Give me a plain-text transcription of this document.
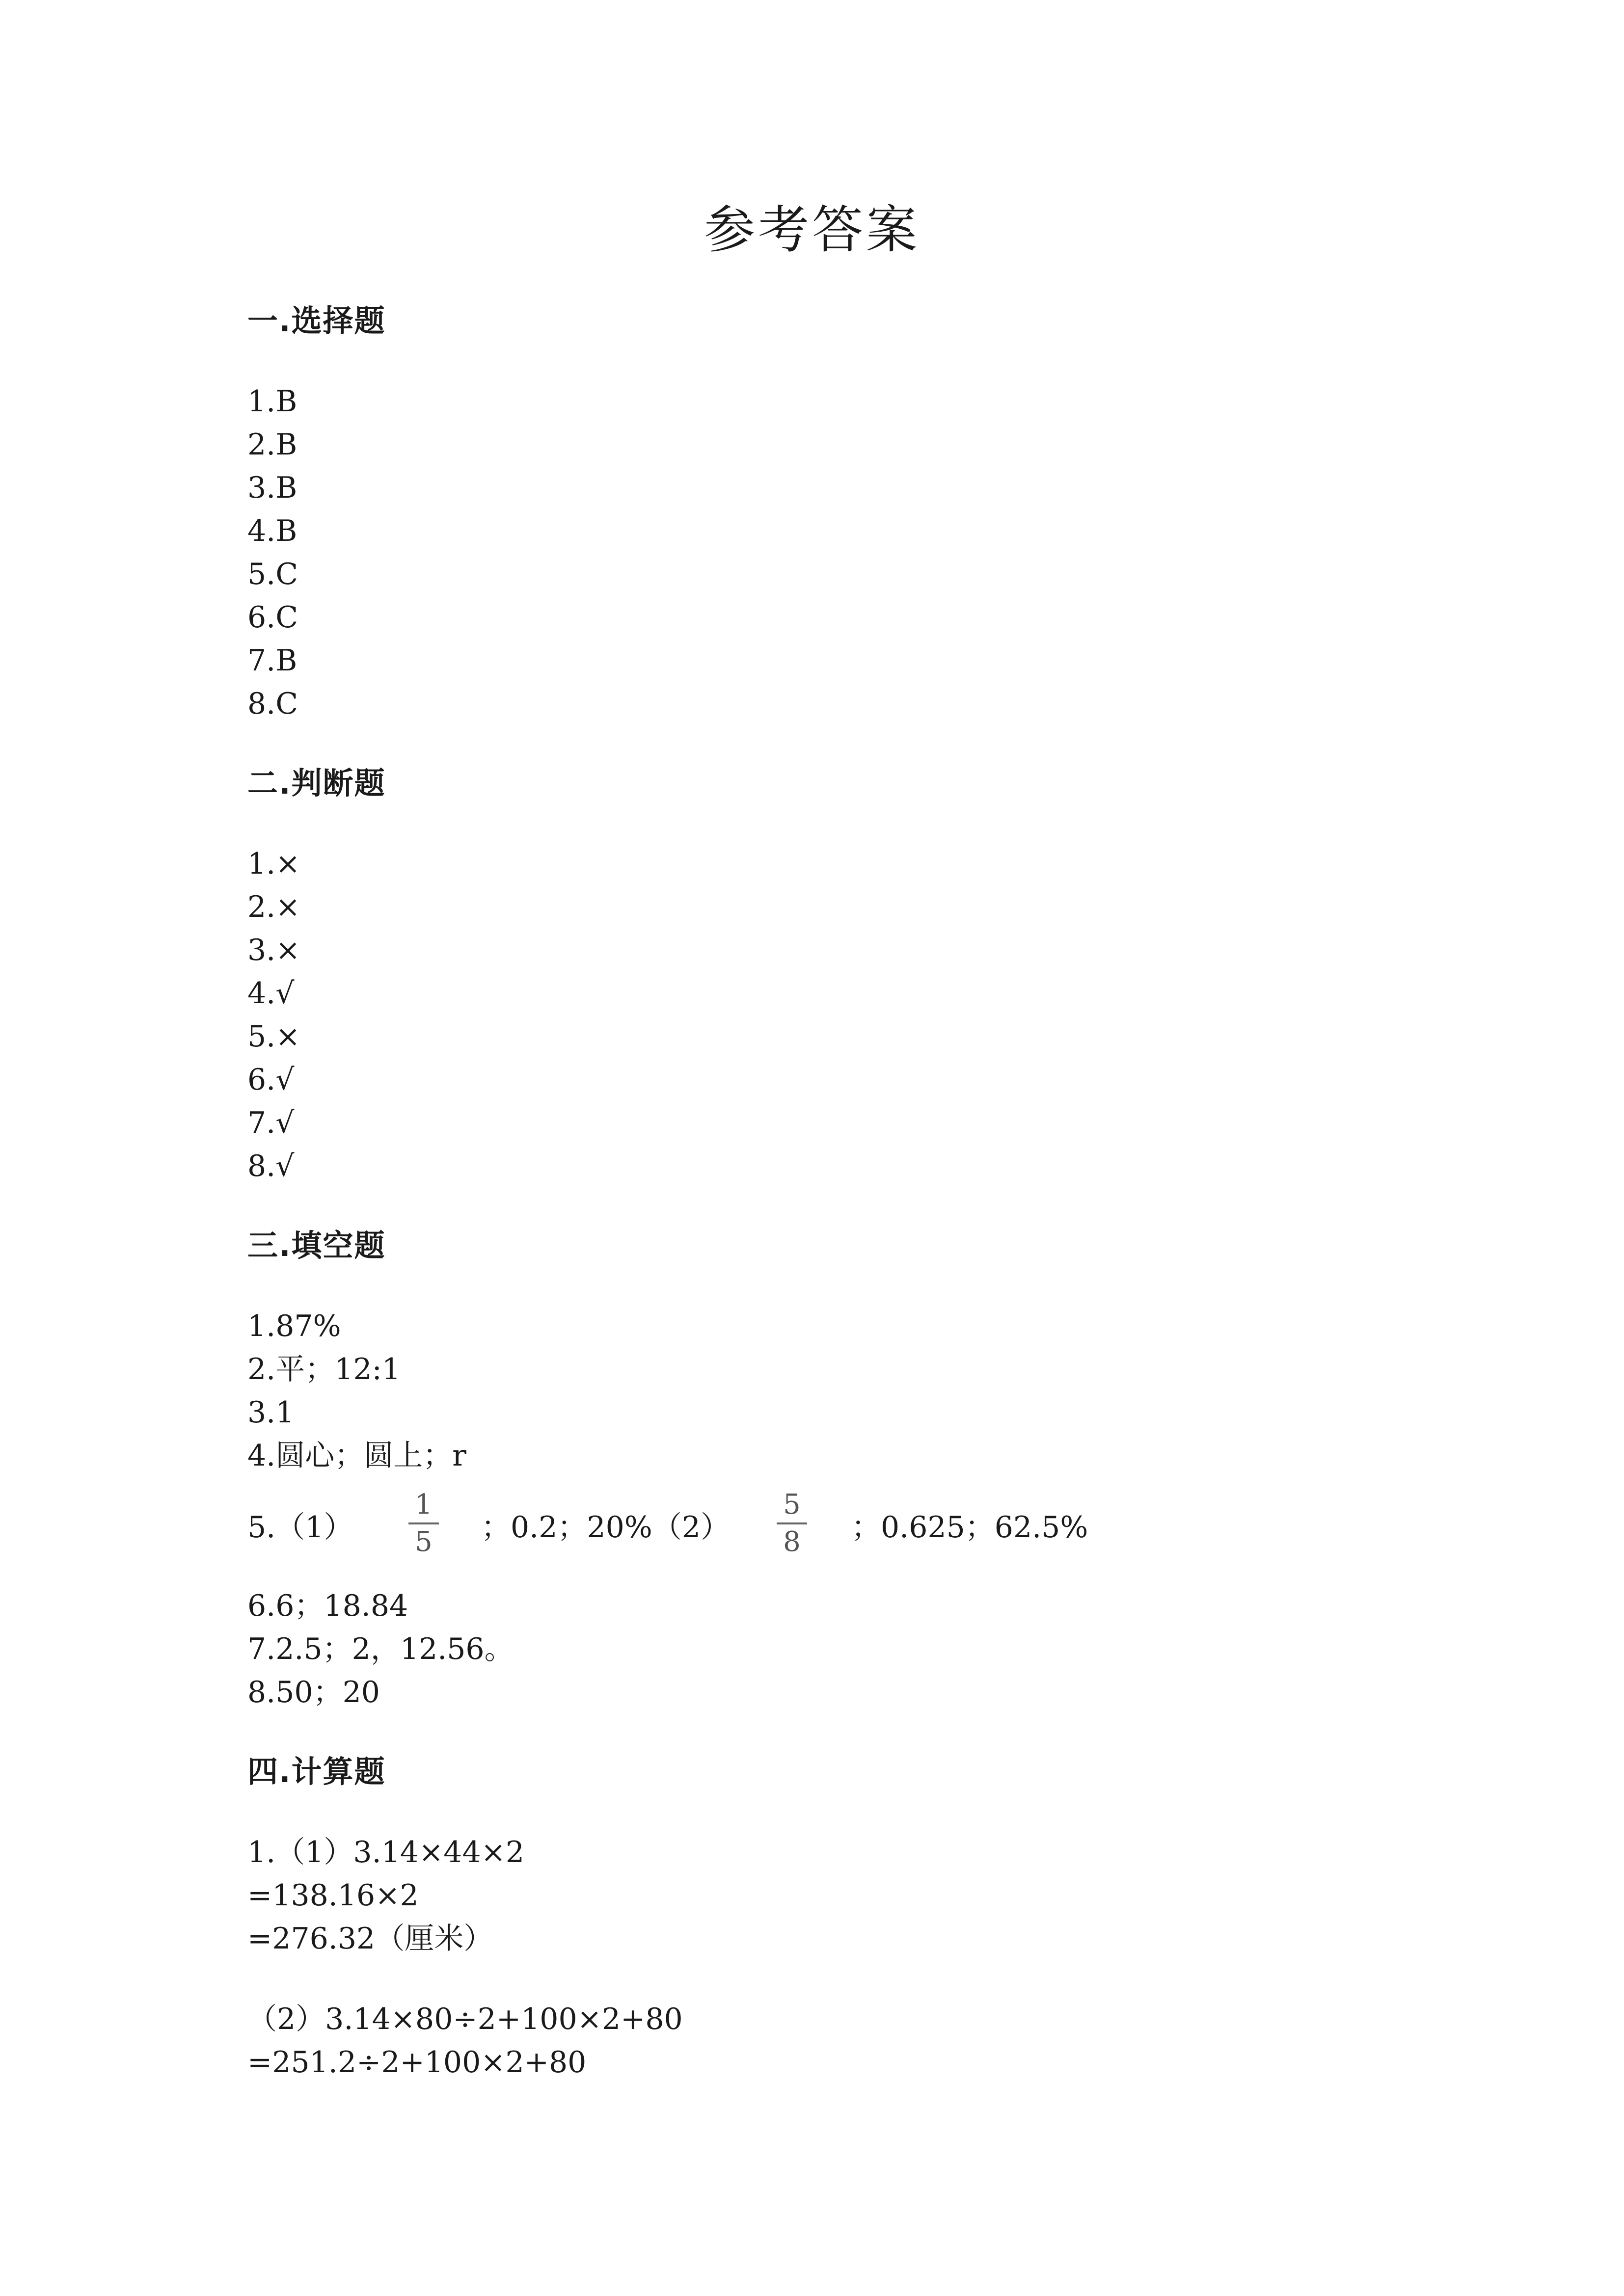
参考答案
一.选择题
1.B
2.B
3.B
4.B
5.C
6.C
7.B
8.C
二.判断题
1.×
2.×
3.×
4.√
5.×
6.√
7.√
8.√
三.填空题
1.87%
2.平；12:1
3.1
4.圆心；圆上；r
5.（1）
1
5 ；0.2；20%（2）
5
8 ；0.625；62.5%
6.6；18.84
7.2.5；2，12.56。
8.50；20
四.计算题
1.（1）3.14×44×2
=138.16×2
=276.32（厘米）
（2）3.14×80÷2+100×2+80
=251.2÷2+100×2+80
